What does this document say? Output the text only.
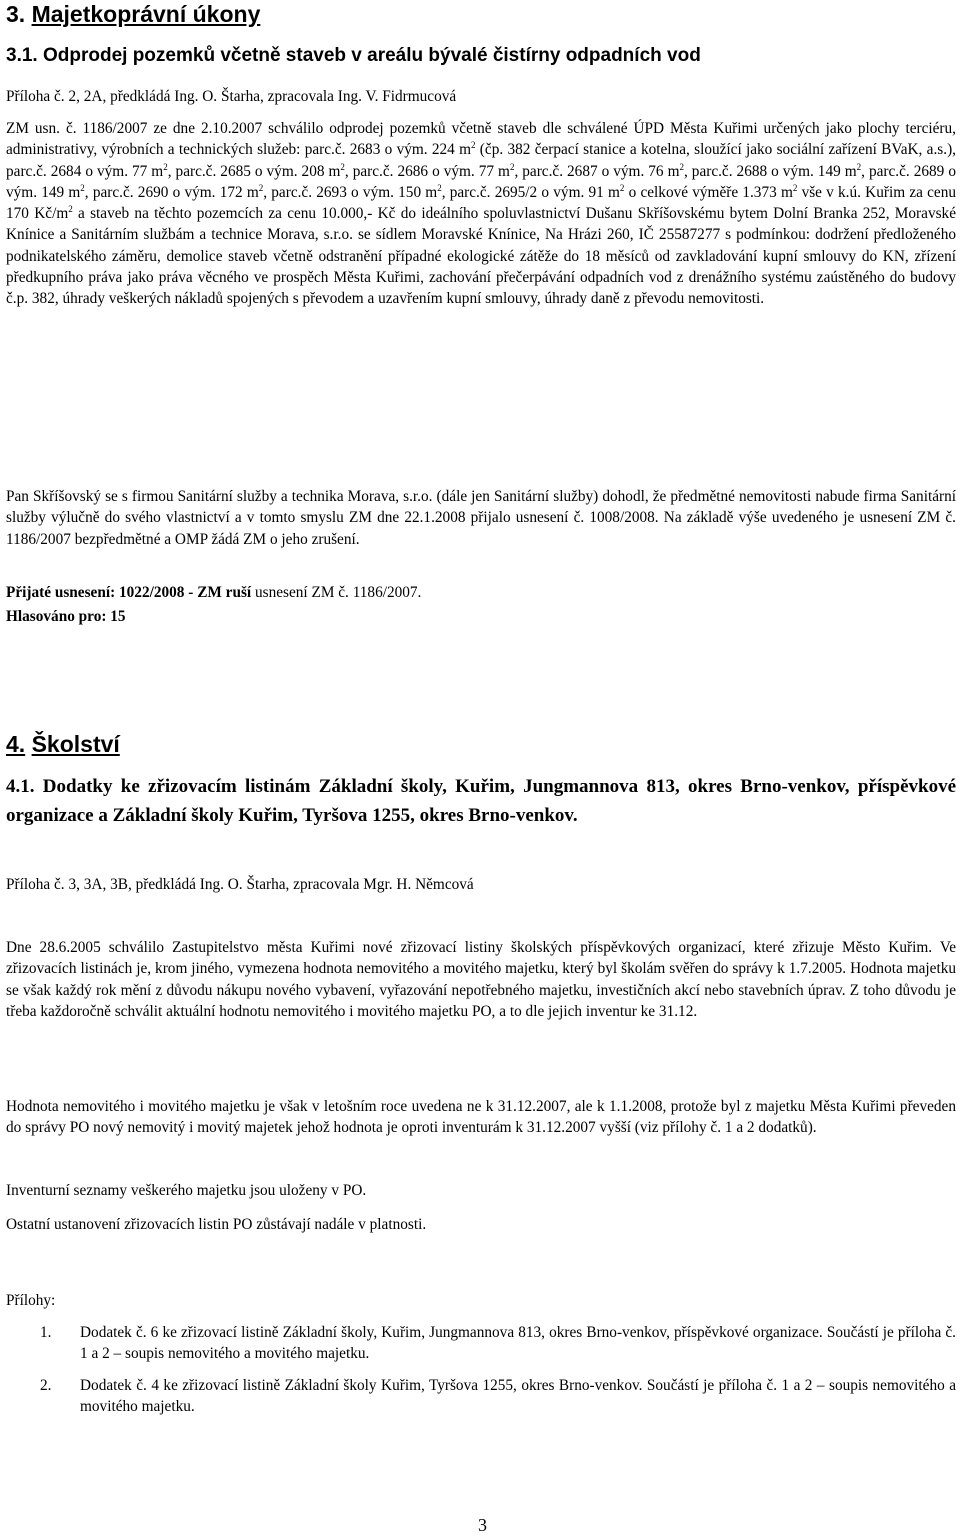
3. Majetkoprávní úkony
3.1. Odprodej pozemků včetně staveb v areálu bývalé čistírny odpadních vod
Příloha č. 2, 2A, předkládá Ing. O. Štarha, zpracovala Ing. V. Fidrmucová
ZM usn. č. 1186/2007 ze dne 2.10.2007 schválilo odprodej pozemků včetně staveb dle schválené ÚPD Města Kuřimi určených jako plochy terciéru, administrativy, výrobních a technických služeb: parc.č. 2683 o vým. 224 $m^2$ (čp. 382 čerpací stanice a kotelna, sloužící jako sociální zařízení BVaK, a.s.), parc.č. 2684 o vým. 77 $m^2$, parc.č. 2685 o vým. 208 $m^2$, parc.č. 2686 o vým. 77 $m^2$, parc.č. 2687 o vým. 76 $m^2$, parc.č. 2688 o vým. 149 $m^2$, parc.č. 2689 o vým. 149 $m^2$, parc.č. 2690 o vým. 172 $m^2$, parc.č. 2693 o vým. 150 $m^2$, parc.č. 2695/2 o vým. 91 $m^2$ o celkové výměře 1.373 $m^2$ vše v k.ú. Kuřim za cenu 170 $Kč/m^2$ a staveb na těchto pozemcích za cenu 10.000,- Kč do ideálního spoluvlastnictví Dušanu Skříšovskému bytem Dolní Branka 252, Moravské Knínice a Sanitárním službám a technice Morava, s.r.o. se sídlem Moravské Knínice, Na Hrázi 260, IČ 25587277 s podmínkou: dodržení předloženého podnikatelského záměru, demolice staveb včetně odstranění případné ekologické zátěže do 18 měsíců od zavkladování kupní smlouvy do KN, zřízení předkupního práva jako práva věcného ve prospěch Města Kuřimi, zachování přečerpávání odpadních vod z drenážního systému zaústěného do budovy č.p. 382, úhrady veškerých nákladů spojených s převodem a uzavřením kupní smlouvy, úhrady daně z převodu nemovitosti.
Pan Skříšovský se s firmou Sanitární služby a technika Morava, s.r.o. (dále jen Sanitární služby) dohodl, že předmětné nemovitosti nabude firma Sanitární služby výlučně do svého vlastnictví a v tomto smyslu ZM dne 22.1.2008 přijalo usnesení č. 1008/2008. Na základě výše uvedeného je usnesení ZM č. 1186/2007 bezpředmětné a OMP žádá ZM o jeho zrušení.
Přijaté usnesení: 1022/2008 - ZM ruší usnesení ZM č. 1186/2007.
Hlasováno pro: 15
4. Školství
4.1. Dodatky ke zřizovacím listinám Základní školy, Kuřim, Jungmannova 813, okres Brno-venkov, příspěvkové organizace a Základní školy Kuřim, Tyršova 1255, okres Brno-venkov.
Příloha č. 3, 3A, 3B, předkládá Ing. O. Štarha, zpracovala Mgr. H. Němcová
Dne 28.6.2005 schválilo Zastupitelstvo města Kuřimi nové zřizovací listiny školských příspěvkových organizací, které zřizuje Město Kuřim. Ve zřizovacích listinách je, krom jiného, vymezena hodnota nemovitého a movitého majetku, který byl školám svěřen do správy k 1.7.2005. Hodnota majetku se však každý rok mění z důvodu nákupu nového vybavení, vyřazování nepotřebného majetku, investičních akcí nebo stavebních úprav. Z toho důvodu je třeba každoročně schválit aktuální hodnotu nemovitého i movitého majetku PO, a to dle jejich inventur ke 31.12.
Hodnota nemovitého i movitého majetku je však v letošním roce uvedena ne k 31.12.2007, ale k 1.1.2008, protože byl z majetku Města Kuřimi převeden do správy PO nový nemovitý i movitý majetek jehož hodnota je oproti inventurám k 31.12.2007 vyšší (viz přílohy č. 1 a 2 dodatků).
Inventurní seznamy veškerého majetku jsou uloženy v PO.
Ostatní ustanovení zřizovacích listin PO zůstávají nadále v platnosti.
Přílohy:
1. Dodatek č. 6 ke zřizovací listině Základní školy, Kuřim, Jungmannova 813, okres Brno-venkov, příspěvkové organizace. Součástí je příloha č. 1 a 2 – soupis nemovitého a movitého majetku.
2. Dodatek č. 4 ke zřizovací listině Základní školy Kuřim, Tyršova 1255, okres Brno-venkov. Součástí je příloha č. 1 a 2 – soupis nemovitého a movitého majetku.
3
